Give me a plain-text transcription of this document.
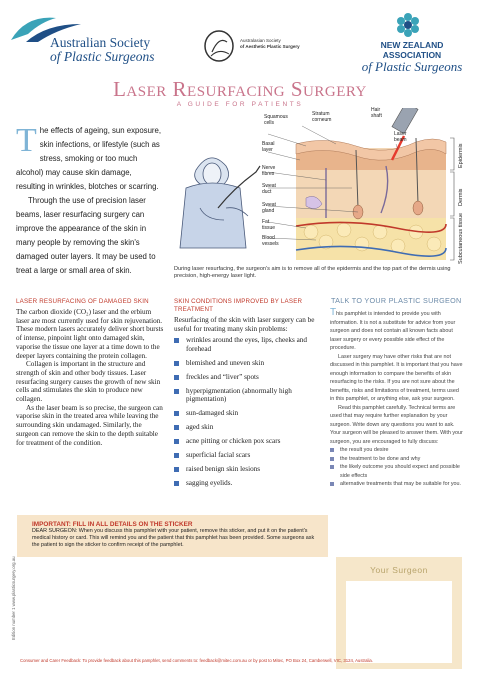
Australian Society
of Plastic Surgeons
Australasian Society
of Aesthetic Plastic Surgery	NEW ZEALAND ASSOCIATION
of Plastic Surgeons
Laser Resurfacing Surgery
A GUIDE FOR PATIENTS

The effects of ageing, sun exposure, skin infections, or lifestyle (such as stress, smoking or too much alcohol) may cause skin damage, resulting in wrinkles, blotches or scarring.

Through the use of precision laser beams, laser resurfacing surgery can improve the appearance of the skin in many people by removing the skin's damaged outer layers. It may be used to treat a large or small area of skin.

Squamous cells
Stratum corneum
Hair shaft
Basal layer
Laser beam
Nerve fibres
Sweat duct
Sweat gland
Fat tissue
Blood vessels
Epidermis
Dermis
Subcutaneous tissue
During laser resurfacing, the surgeon's aim is to remove all of the epidermis and the top part of the dermis using precision, high-energy laser light.
LASER RESURFACING OF DAMAGED SKIN

The carbon dioxide (CO₂) laser and the erbium laser are most currently used for skin rejuvenation. These modern lasers accurately deliver short bursts of intense, pinpoint light onto damaged skin, vaporise the tissue one layer at a time down to the deeper layers containing the protein collagen.

Collagen is important in the structure and strength of skin and other body tissues. Laser resurfacing surgery causes the growth of new skin cells and stimulates the skin to produce new collagen.

As the laser beam is so precise, the surgeon can vaporise skin in the treated area while leaving the surrounding skin undamaged. Similarly, the surgeon can remove the skin to the depth suitable for treatment of the condition.

SKIN CONDITIONS IMPROVED BY LASER TREATMENT
Resurfacing of the skin with laser surgery can be useful for treating many skin problems:
wrinkles around the eyes, lips, cheeks and forehead
blemished and uneven skin
freckles and “liver” spots
hyperpigmentation (abnormally high pigmentation)
sun-damaged skin
aged skin
acne pitting or chicken pox scars
superficial facial scars
raised benign skin lesions
sagging eyelids.
TALK TO YOUR PLASTIC SURGEON

This pamphlet is intended to provide you with information. It is not a substitute for advice from your surgeon and does not contain all known facts about laser surgery or every possible side effect of the procedure.

Laser surgery may have other risks that are not discussed in this pamphlet. It is important that you have enough information to compare the benefits of skin resurfacing to the risks. If you are not sure about the benefits, risks and limitations of treatment, terms used in this pamphlet, or anything else, ask your surgeon.

Read this pamphlet carefully. Technical terms are used that may require further explanation by your surgeon. Write down any questions you want to ask. Your surgeon will be pleased to answer them. With your surgeon, you are encouraged to fully discuss:

the result you desire
the treatment to be done and why
the likely outcome you should expect and possible side effects
alternative treatments that may be suitable for you.
Your Surgeon
IMPORTANT: FILL IN ALL DETAILS ON THE STICKER
DEAR SURGEON: When you discuss this pamphlet with your patient, remove this sticker, and put it on the patient's medical history or card. This will remind you and the patient that this pamphlet has been provided. Some surgeons ask the patient to sign the sticker to confirm receipt of the pamphlet.
Edition number 1 www.plasticsurgery.org.au
Consumer and Carer Feedback: To provide feedback about this pamphlet, send comments to: feedback@mitec.com.au or by post to Mitec, PO Box 24, Camberwell, VIC, 3124, Australia.
